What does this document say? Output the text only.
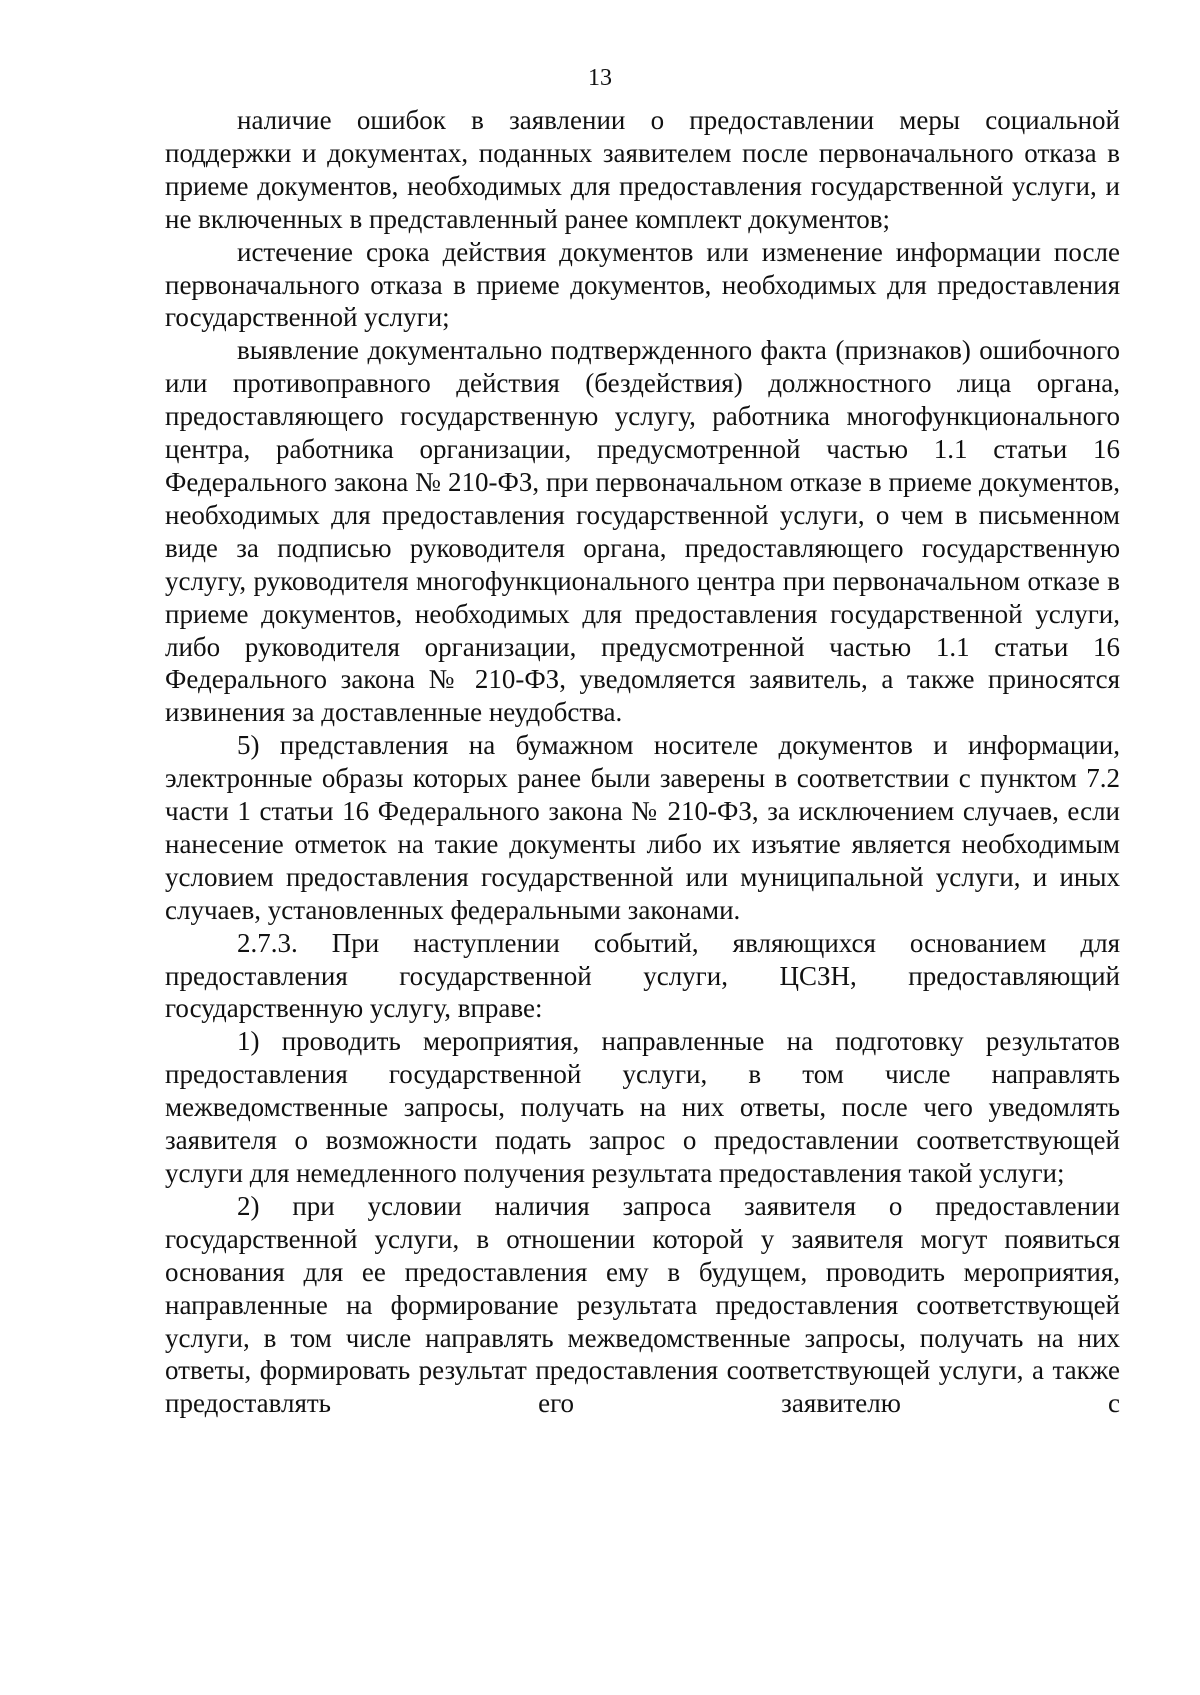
13

наличие ошибок в заявлении о предоставлении меры социальной поддержки и документах, поданных заявителем после первоначального отказа в приеме документов, необходимых для предоставления государственной услуги, и не включенных в представленный ранее комплект документов;

истечение срока действия документов или изменение информации после первоначального отказа в приеме документов, необходимых для предоставления государственной услуги;

выявление документально подтвержденного факта (признаков) ошибочного или противоправного действия (бездействия) должностного лица органа, предоставляющего государственную услугу, работника многофункционального центра, работника организации, предусмотренной частью 1.1 статьи 16 Федерального закона № 210-ФЗ, при первоначальном отказе в приеме документов, необходимых для предоставления государственной услуги, о чем в письменном виде за подписью руководителя органа, предоставляющего государственную услугу, руководителя многофункционального центра при первоначальном отказе в приеме документов, необходимых для предоставления государственной услуги, либо руководителя организации, предусмотренной частью 1.1 статьи 16 Федерального закона № 210-ФЗ, уведомляется заявитель, а также приносятся извинения за доставленные неудобства.

5) представления на бумажном носителе документов и информации, электронные образы которых ранее были заверены в соответствии с пунктом 7.2 части 1 статьи 16 Федерального закона № 210-ФЗ, за исключением случаев, если нанесение отметок на такие документы либо их изъятие является необходимым условием предоставления государственной или муниципальной услуги, и иных случаев, установленных федеральными законами.

2.7.3. При наступлении событий, являющихся основанием для предоставления государственной услуги, ЦСЗН, предоставляющий государственную услугу, вправе:

1) проводить мероприятия, направленные на подготовку результатов предоставления государственной услуги, в том числе направлять межведомственные запросы, получать на них ответы, после чего уведомлять заявителя о возможности подать запрос о предоставлении соответствующей услуги для немедленного получения результата предоставления такой услуги;

2) при условии наличия запроса заявителя о предоставлении государственной услуги, в отношении которой у заявителя могут появиться основания для ее предоставления ему в будущем, проводить мероприятия, направленные на формирование результата предоставления соответствующей услуги, в том числе направлять межведомственные запросы, получать на них ответы, формировать результат предоставления соответствующей услуги, а также предоставлять его заявителю с
